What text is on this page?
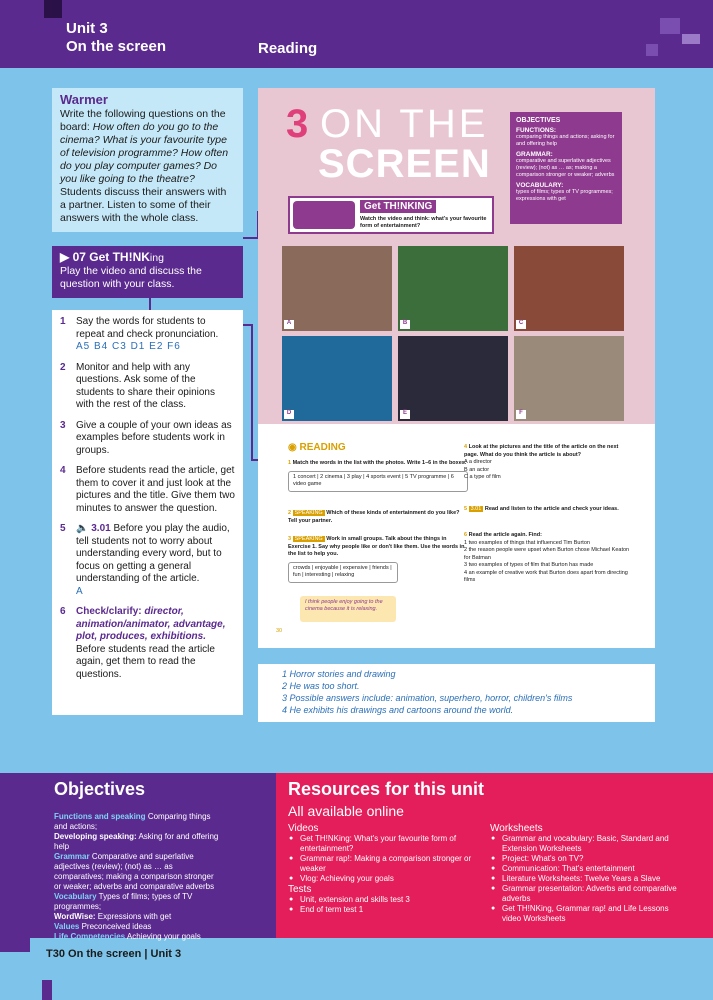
Unit 3
On the screen	Reading
Warmer
Write the following questions on the board: How often do you go to the cinema? What is your favourite type of television programme? How often do you play computer games? Do you like going to the theatre? Students discuss their answers with a partner. Listen to some of their answers with the whole class.
▶ 07 Get TH!NKing
Play the video and discuss the question with your class.
1	Say the words for students to repeat and check pronunciation.
A5 B4 C3 D1 E2 F6
2	Monitor and help with any questions. Ask some of the students to share their opinions with the rest of the class.
3	Give a couple of your own ideas as examples before students work in groups.
4	Before students read the article, get them to cover it and just look at the pictures and the title. Give them two minutes to answer the question.
5	🔈 3.01 Before you play the audio, tell students not to worry about understanding every word, but to focus on getting a general understanding of the article.
A
6	Check/clarify: director, animation/animator, advantage, plot, produces, exhibitions. Before students read the article again, get them to read the questions.
3 ON THE
SCREEN
OBJECTIVES
FUNCTIONS:
comparing things and actions; asking for and offering help
GRAMMAR:
comparative and superlative adjectives (review); (not) as … as; making a comparison stronger or weaker; adverbs
VOCABULARY:
types of films; types of TV programmes; expressions with get
Get TH!NKING
Watch the video and think: what's your favourite form of entertainment?
A	B	C
D	E	F
◉ READING
1 Match the words in the list with the photos. Write 1–6 in the boxes.
1 concert | 2 cinema | 3 play | 4 sports event | 5 TV programme | 6 video game
2 SPEAKING Which of these kinds of entertainment do you like? Tell your partner.
3 SPEAKING Work in small groups. Talk about the things in Exercise 1. Say why people like or don't like them. Use the words in the list to help you.
crowds | enjoyable | expensive | friends | fun | interesting | relaxing
I think people enjoy going to the cinema because it is relaxing.
30
4 Look at the pictures and the title of the article on the next page. What do you think the article is about?
A a director
B an actor
C a type of film
5 3.01 Read and listen to the article and check your ideas.
6 Read the article again. Find:
1 two examples of things that influenced Tim Burton
2 the reason people were upset when Burton chose Michael Keaton for Batman
3 two examples of types of film that Burton has made
4 an example of creative work that Burton does apart from directing films
1 Horror stories and drawing
2 He was too short.
3 Possible answers include: animation, superhero, horror, children's films
4 He exhibits his drawings and cartoons around the world.
Objectives

Functions and speaking Comparing things and actions;

Developing speaking: Asking for and offering help

Grammar Comparative and superlative adjectives (review); (not) as … as comparatives; making a comparison stronger or weaker; adverbs and comparative adverbs

Vocabulary Types of films; types of TV programmes;

WordWise: Expressions with get

Values Preconceived ideas

Life Competencies Achieving your goals

Resources for this unit
All available online
Videos
● Get TH!NKing: What's your favourite form of entertainment?
● Grammar rap!: Making a comparison stronger or weaker
● Vlog: Achieving your goals
Tests
● Unit, extension and skills test 3
● End of term test 1
Worksheets
● Grammar and vocabulary: Basic, Standard and Extension Worksheets
● Project: What's on TV?
● Communication: That's entertainment
● Literature Worksheets: Twelve Years a Slave
● Grammar presentation: Adverbs and comparative adverbs
● Get TH!NKing, Grammar rap! and Life Lessons video Worksheets
T30 On the screen | Unit 3
